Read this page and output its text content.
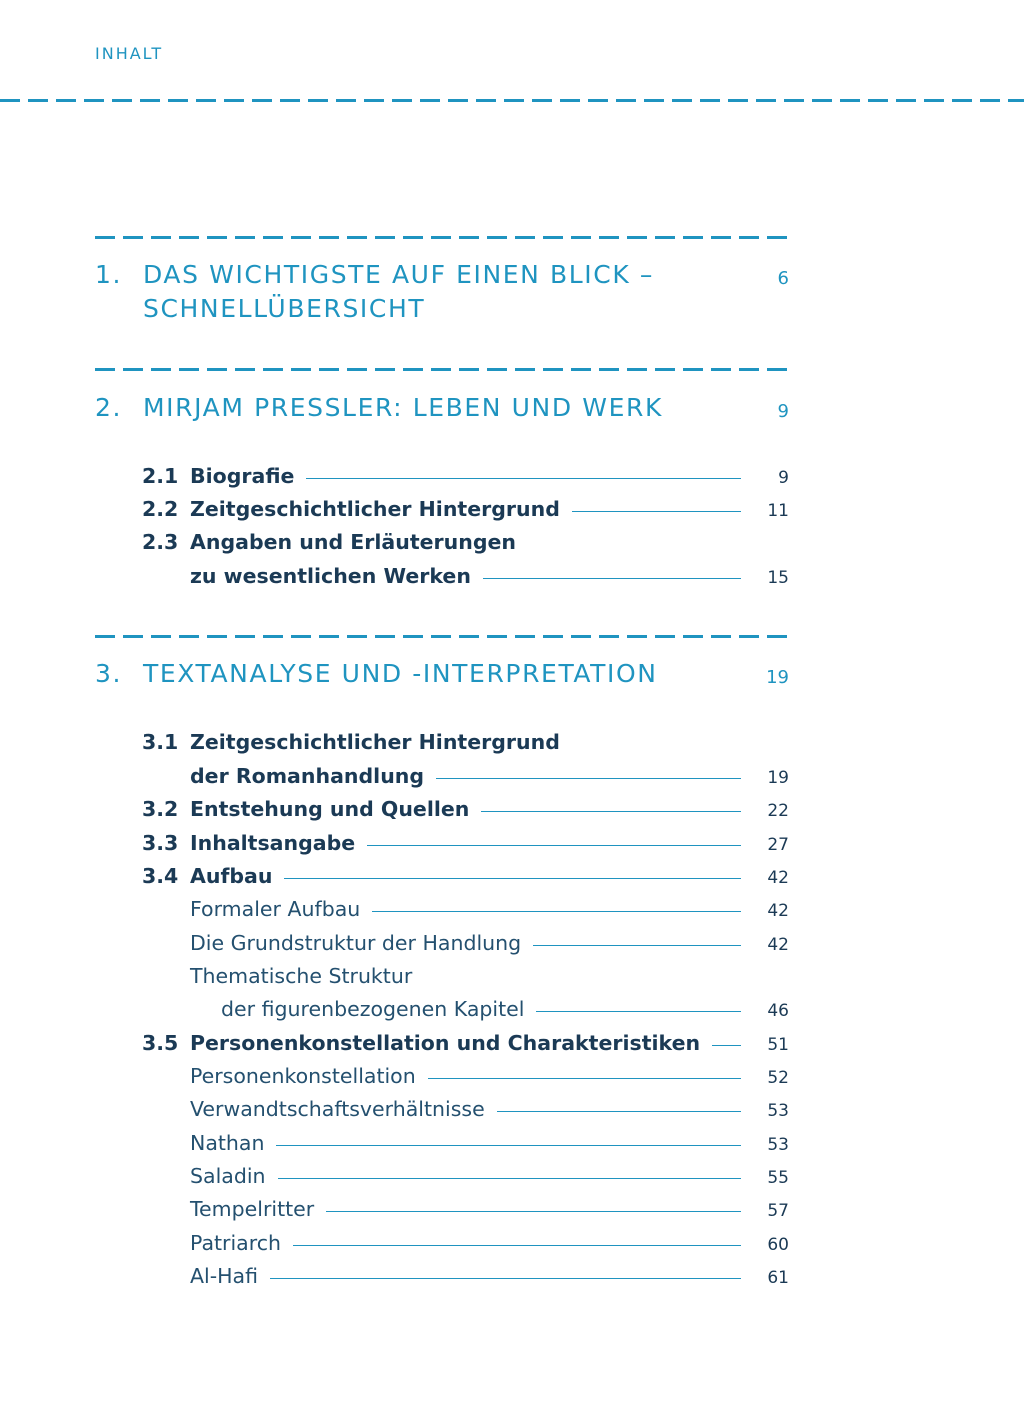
INHALT
1. DAS WICHTIGSTE AUF EINEN BLICK –
SCHNELLÜBERSICHT
6
2. MIRJAM PRESSLER: LEBEN UND WERK	9
2.1 Biografie	9
2.2 Zeitgeschichtlicher Hintergrund	11
2.3 Angaben und Erläuterungen
zu wesentlichen Werken	15
3. TEXTANALYSE UND -INTERPRETATION	19
3.1 Zeitgeschichtlicher Hintergrund
der Romanhandlung	19
3.2 Entstehung und Quellen	22
3.3 Inhaltsangabe	27
3.4 Aufbau	42
Formaler Aufbau	42
Die Grundstruktur der Handlung	42
Thematische Struktur
der figurenbezogenen Kapitel	46
3.5 Personenkonstellation und Charakteristiken	51
Personenkonstellation	52
Verwandtschaftsverhältnisse	53
Nathan	53
Saladin	55
Tempelritter	57
Patriarch	60
Al-Hafi	61
